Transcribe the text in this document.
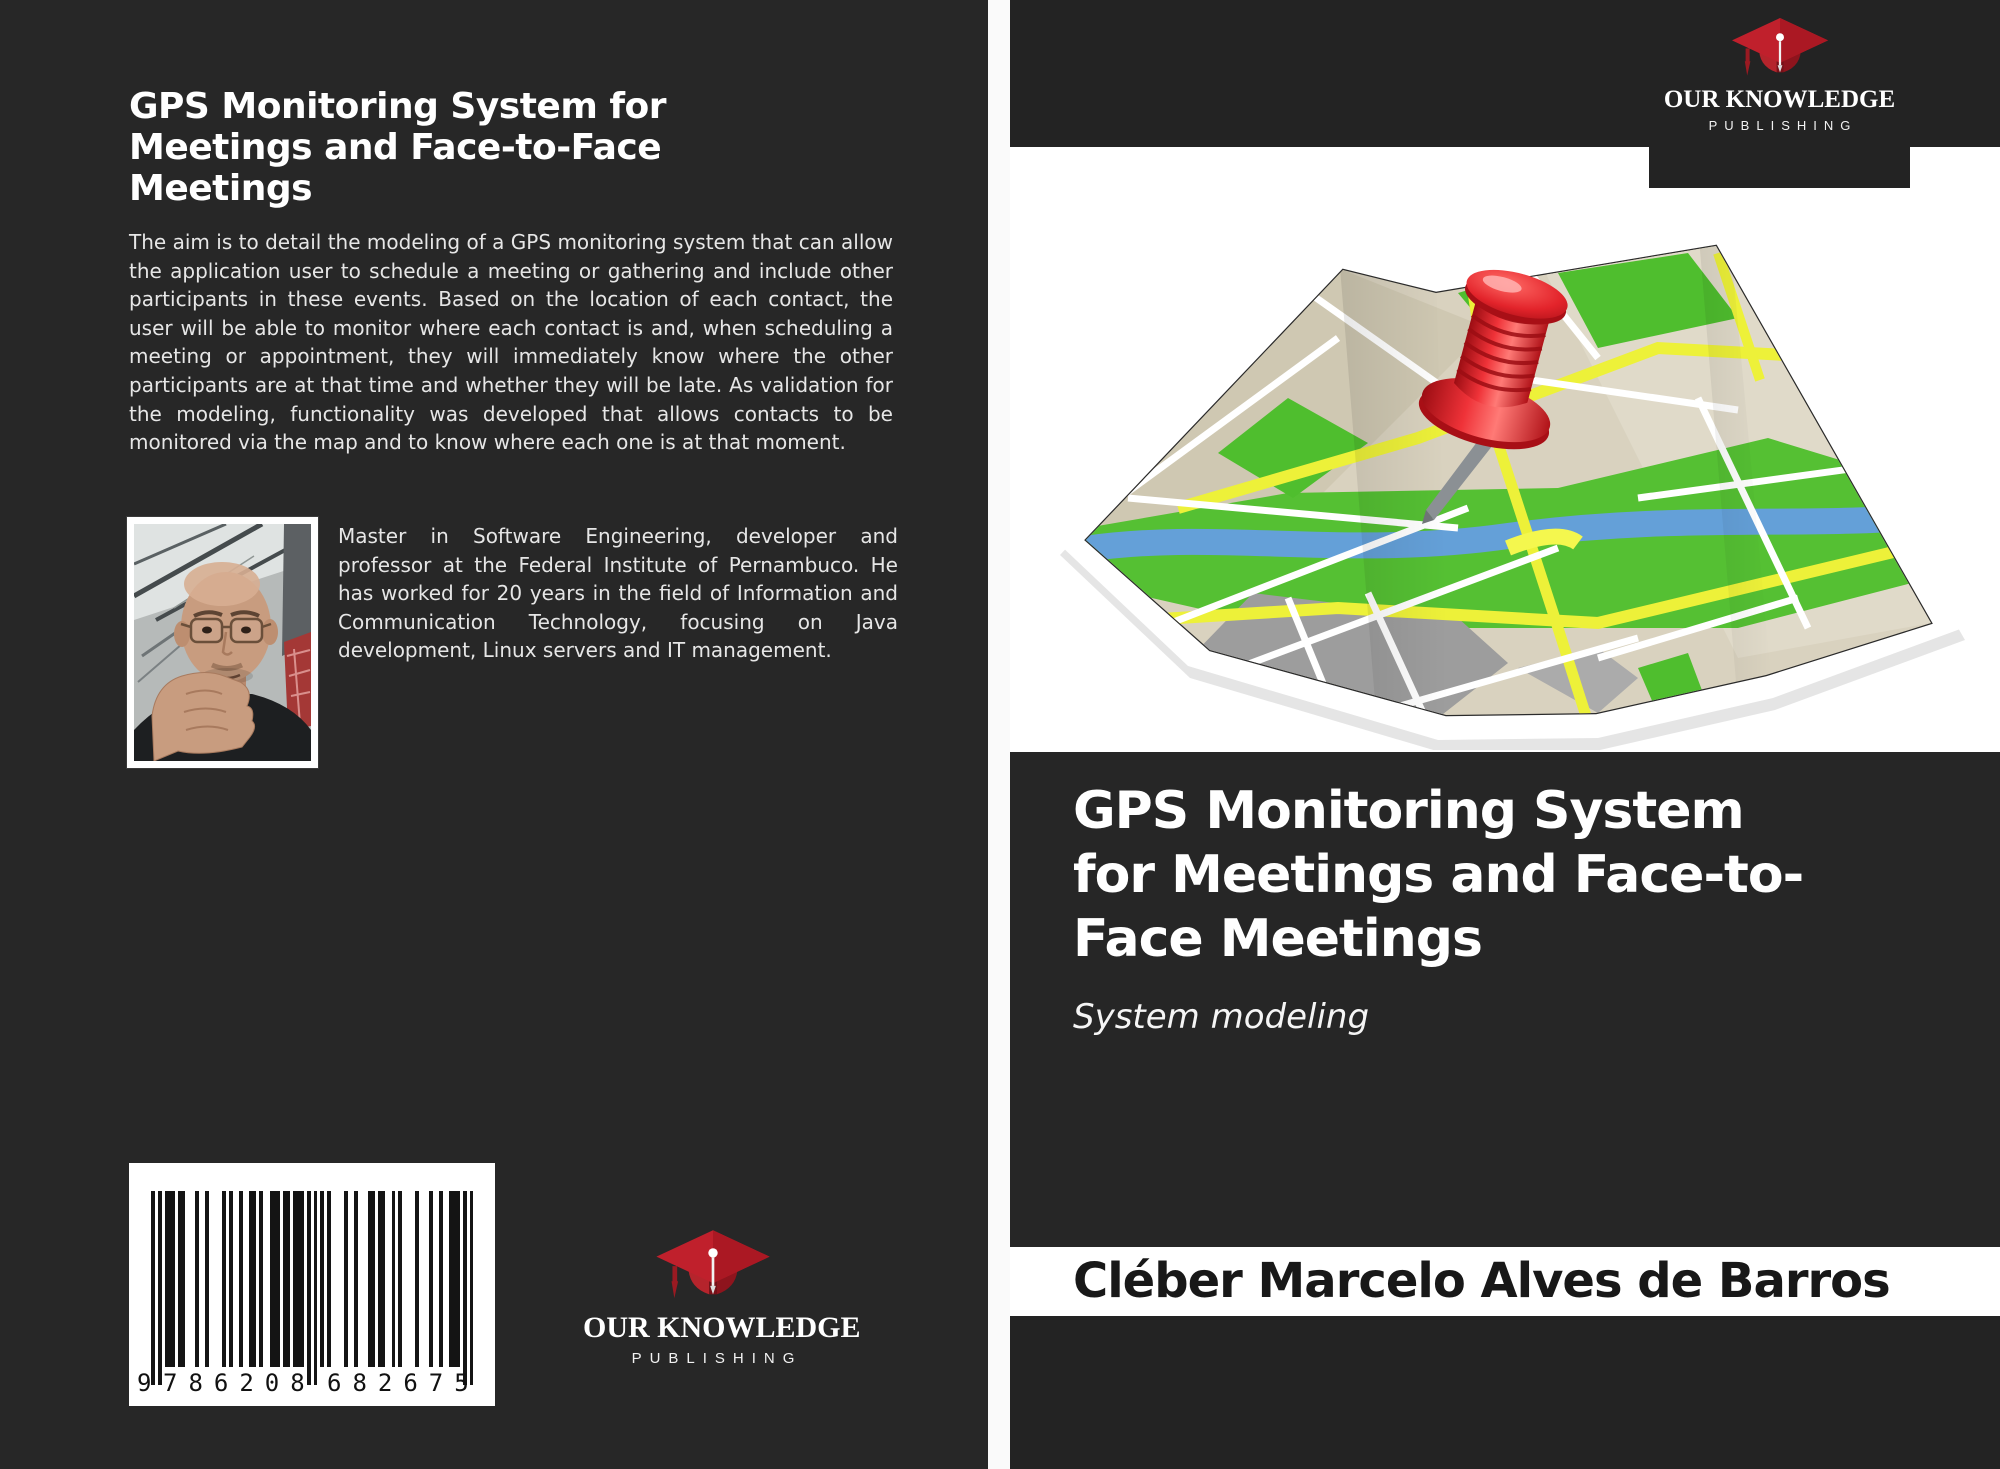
GPS Monitoring System for
Meetings and Face-to-Face
Meetings

The aim is to detail the modeling of a GPS monitoring system that can allow the application user to schedule a meeting or gathering and include other participants in these events. Based on the location of each contact, the user will be able to monitor where each contact is and, when scheduling a meeting or appointment, they will immediately know where the other participants are at that time and whether they will be late. As validation for the modeling, functionality was developed that allows contacts to be monitored via the map and to know where each one is at that moment.

Master in Software Engineering, developer and professor at the Federal Institute of Pernambuco. He has worked for 20 years in the field of Information and Communication Technology, focusing on Java development, Linux servers and IT management.

9 786208 682675
OUR KNOWLEDGE
PUBLISHING
OUR KNOWLEDGE
PUBLISHING
GPS Monitoring System
for Meetings and Face-to-
Face Meetings
System modeling
Cléber Marcelo Alves de Barros
